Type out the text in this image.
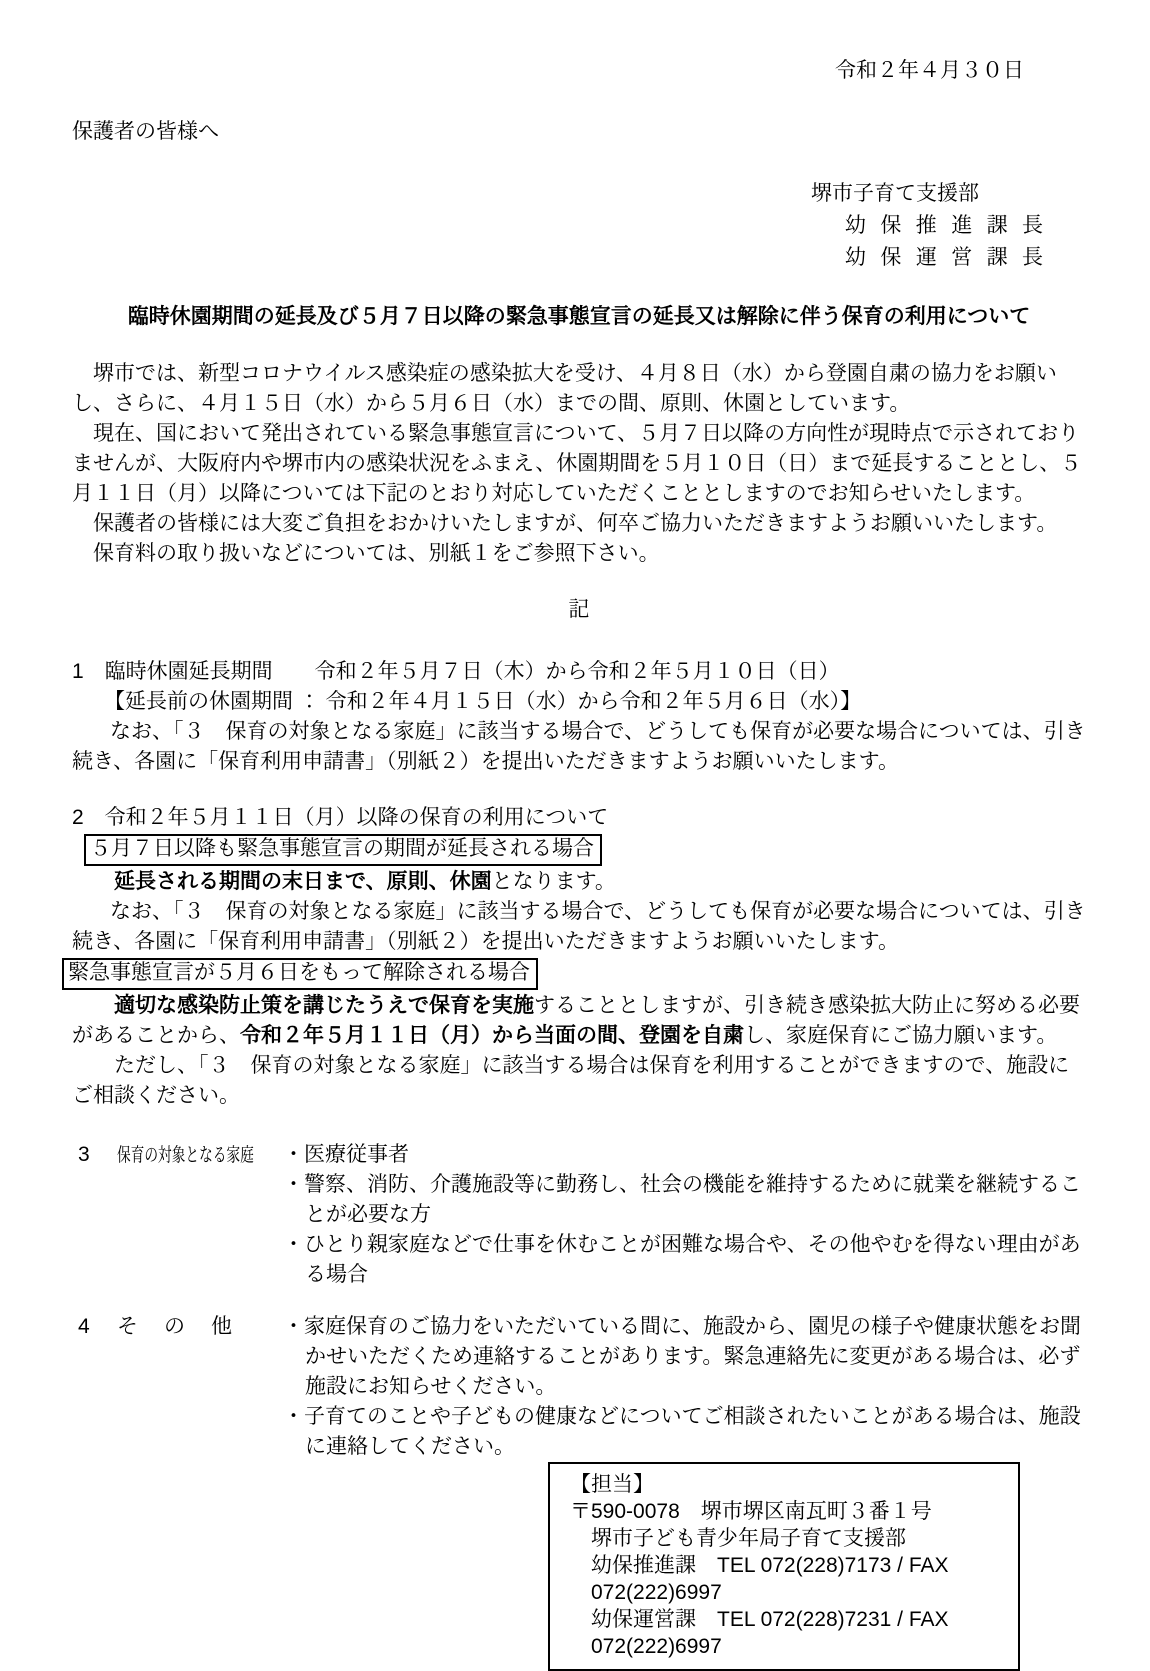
令和２年４月３０日

保護者の皆様へ

堺市子育て支援部
幼 保 推 進 課 長
幼 保 運 営 課 長

臨時休園期間の延長及び５月７日以降の緊急事態宣言の延長又は解除に伴う保育の利用について

　堺市では、新型コロナウイルス感染症の感染拡大を受け、４月８日（水）から登園自粛の協力をお願いし、さらに、４月１５日（水）から５月６日（水）までの間、原則、休園としています。

　現在、国において発出されている緊急事態宣言について、５月７日以降の方向性が現時点で示されておりませんが、大阪府内や堺市内の感染状況をふまえ、休園期間を５月１０日（日）まで延長することとし、５月１１日（月）以降については下記のとおり対応していただくこととしますのでお知らせいたします。

　保護者の皆様には大変ご負担をおかけいたしますが、何卒ご協力いただきますようお願いいたします。

　保育料の取り扱いなどについては、別紙１をご参照下さい。

記

1　臨時休園延長期間　　令和２年５月７日（木）から令和２年５月１０日（日）

【延長前の休園期間 ： 令和２年４月１５日（水）から令和２年５月６日（水）】

なお、「３　保育の対象となる家庭」に該当する場合で、どうしても保育が必要な場合については、引き続き、各園に「保育利用申請書」（別紙２）を提出いただきますようお願いいたします。

2　令和２年５月１１日（月）以降の保育の利用について

５月７日以降も緊急事態宣言の期間が延長される場合

延長される期間の末日まで、原則、休園となります。

なお、「３　保育の対象となる家庭」に該当する場合で、どうしても保育が必要な場合については、引き続き、各園に「保育利用申請書」（別紙２）を提出いただきますようお願いいたします。

緊急事態宣言が５月６日をもって解除される場合

適切な感染防止策を講じたうえで保育を実施することとしますが、引き続き感染拡大防止に努める必要があることから、令和２年５月１１日（月）から当面の間、登園を自粛し、家庭保育にご協力願います。

ただし、「３　保育の対象となる家庭」に該当する場合は保育を利用することができますので、施設にご相談ください。

3	保育の対象となる家庭	・医療従事者

・警察、消防、介護施設等に勤務し、社会の機能を維持するために就業を継続することが必要な方

・ひとり親家庭などで仕事を休むことが困難な場合や、その他やむを得ない理由がある場合

4	そ　の　他	・家庭保育のご協力をいただいている間に、施設から、園児の様子や健康状態をお聞かせいただくため連絡することがあります。緊急連絡先に変更がある場合は、必ず施設にお知らせください。

・子育てのことや子どもの健康などについてご相談されたいことがある場合は、施設に連絡してください。

【担当】

〒590-0078　堺市堺区南瓦町３番１号

堺市子ども青少年局子育て支援部

幼保推進課　TEL 072(228)7173 / FAX 072(222)6997

幼保運営課　TEL 072(228)7231 / FAX 072(222)6997
